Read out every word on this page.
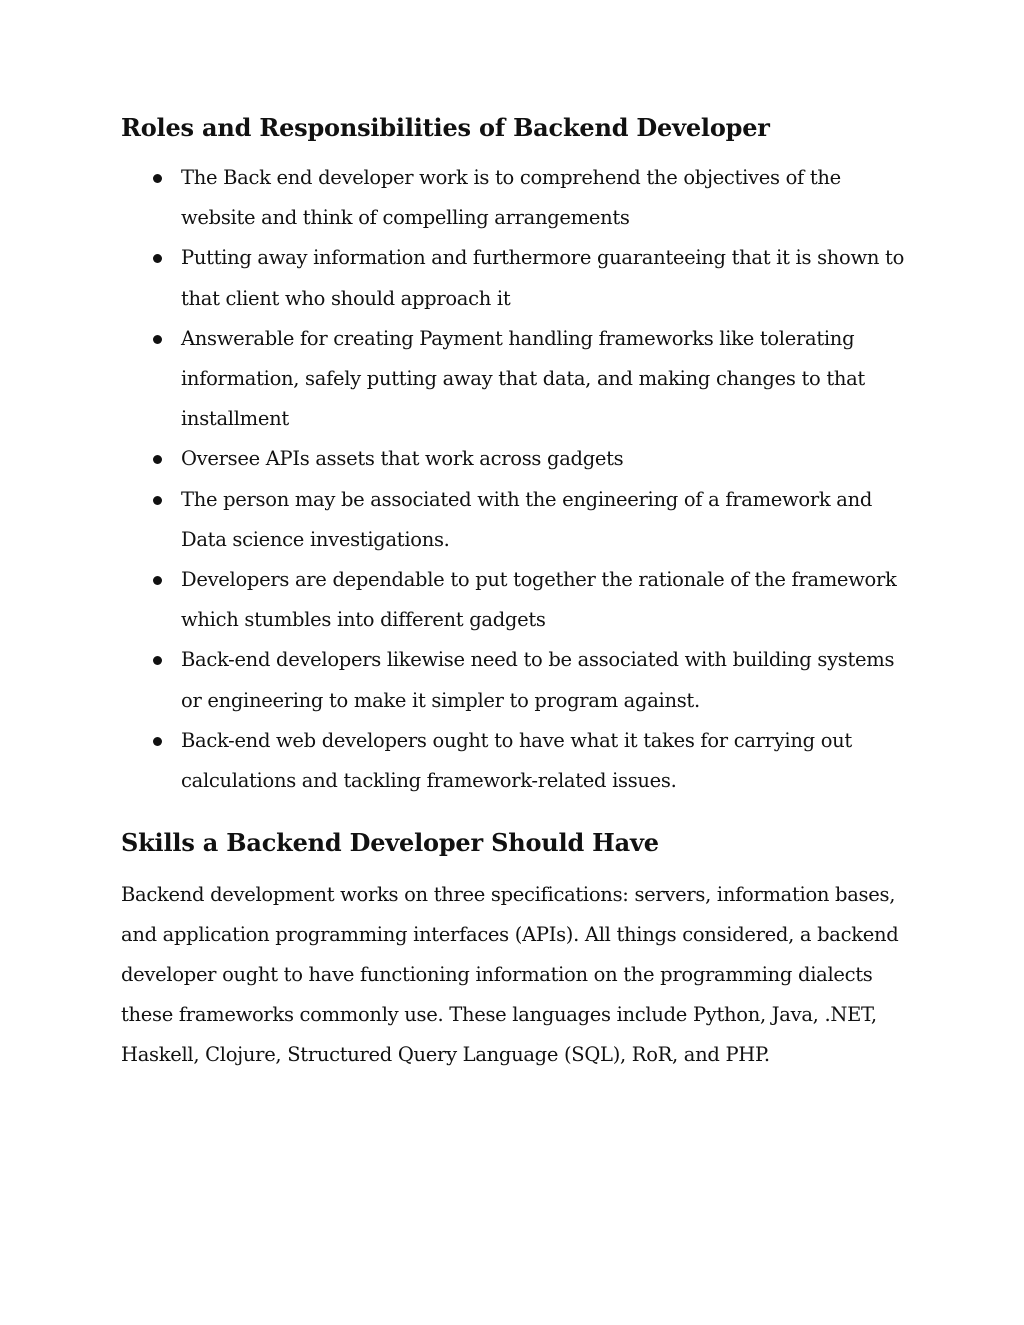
Roles and Responsibilities of Backend Developer
The Back end developer work is to comprehend the objectives of the website and think of compelling arrangements
Putting away information and furthermore guaranteeing that it is shown to that client who should approach it
Answerable for creating Payment handling frameworks like tolerating information, safely putting away that data, and making changes to that installment
Oversee APIs assets that work across gadgets
The person may be associated with the engineering of a framework and Data science investigations.
Developers are dependable to put together the rationale of the framework which stumbles into different gadgets
Back-end developers likewise need to be associated with building systems or engineering to make it simpler to program against.
Back-end web developers ought to have what it takes for carrying out calculations and tackling framework-related issues.
Skills a Backend Developer Should Have

Backend development works on three specifications: servers, information bases, and application programming interfaces (APIs). All things considered, a backend developer ought to have functioning information on the programming dialects these frameworks commonly use. These languages include Python, Java, .NET, Haskell, Clojure, Structured Query Language (SQL), RoR, and PHP.
